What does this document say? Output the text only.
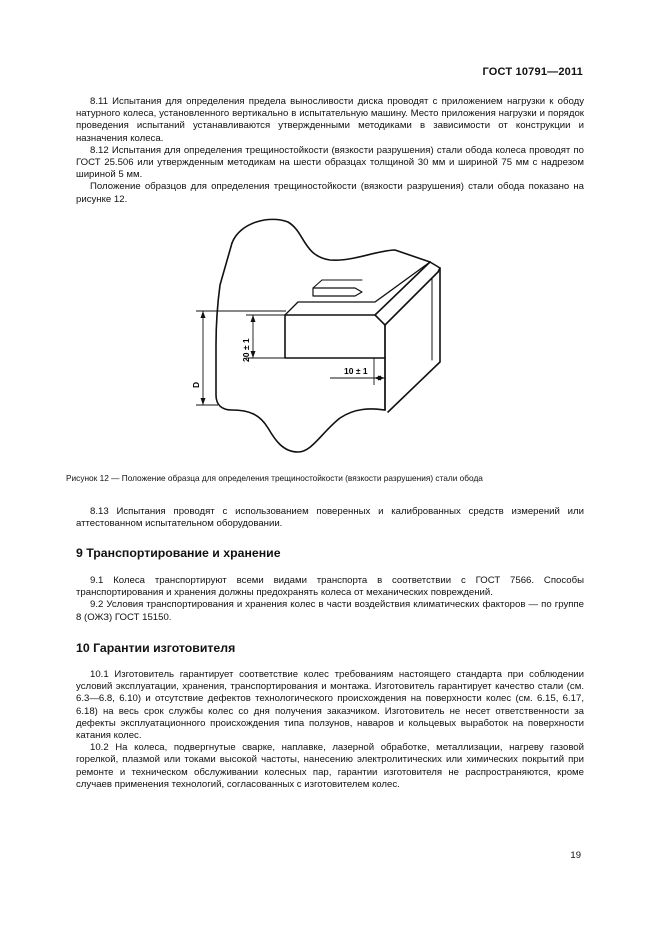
ГОСТ 10791—2011

8.11 Испытания для определения предела выносливости диска проводят с приложением нагрузки к ободу натурного колеса, установленного вертикально в испытательную машину. Место приложения нагрузки и порядок проведения испытаний устанавливаются утвержденными методиками в зависимости от конструкции и назначения колеса.

8.12 Испытания для определения трещиностойкости (вязкости разрушения) стали обода колеса проводят по ГОСТ 25.506 или утвержденным методикам на шести образцах толщиной 30 мм и шириной 75 мм с надрезом шириной 5 мм.

Положение образцов для определения трещиностойкости (вязкости разрушения) стали обода показано на рисунке 12.

D
20 ± 1
10 ± 1
Рисунок 12 — Положение образца для определения трещиностойкости (вязкости разрушения) стали обода

8.13 Испытания проводят с использованием поверенных и калиброванных средств измерений или аттестованном испытательном оборудовании.

9 Транспортирование и хранение

9.1 Колеса транспортируют всеми видами транспорта в соответствии с ГОСТ 7566. Способы транспортирования и хранения должны предохранять колеса от механических повреждений.

9.2 Условия транспортирования и хранения колес в части воздействия климатических факторов — по группе 8 (ОЖЗ) ГОСТ 15150.

10 Гарантии изготовителя

10.1 Изготовитель гарантирует соответствие колес требованиям настоящего стандарта при соблюдении условий эксплуатации, хранения, транспортирования и монтажа. Изготовитель гарантирует качество стали (см. 6.3—6.8, 6.10) и отсутствие дефектов технологического происхождения на поверхности колес (см. 6.15, 6.17, 6.18) на весь срок службы колес со дня получения заказчиком. Изготовитель не несет ответственности за дефекты эксплуатационного происхождения типа ползунов, наваров и кольцевых выработок на поверхности катания колес.

10.2 На колеса, подвергнутые сварке, наплавке, лазерной обработке, металлизации, нагреву газовой горелкой, плазмой или токами высокой частоты, нанесению электролитических или химических покрытий при ремонте и техническом обслуживании колесных пар, гарантии изготовителя не распространяются, кроме случаев применения технологий, согласованных с изготовителем колес.

19
